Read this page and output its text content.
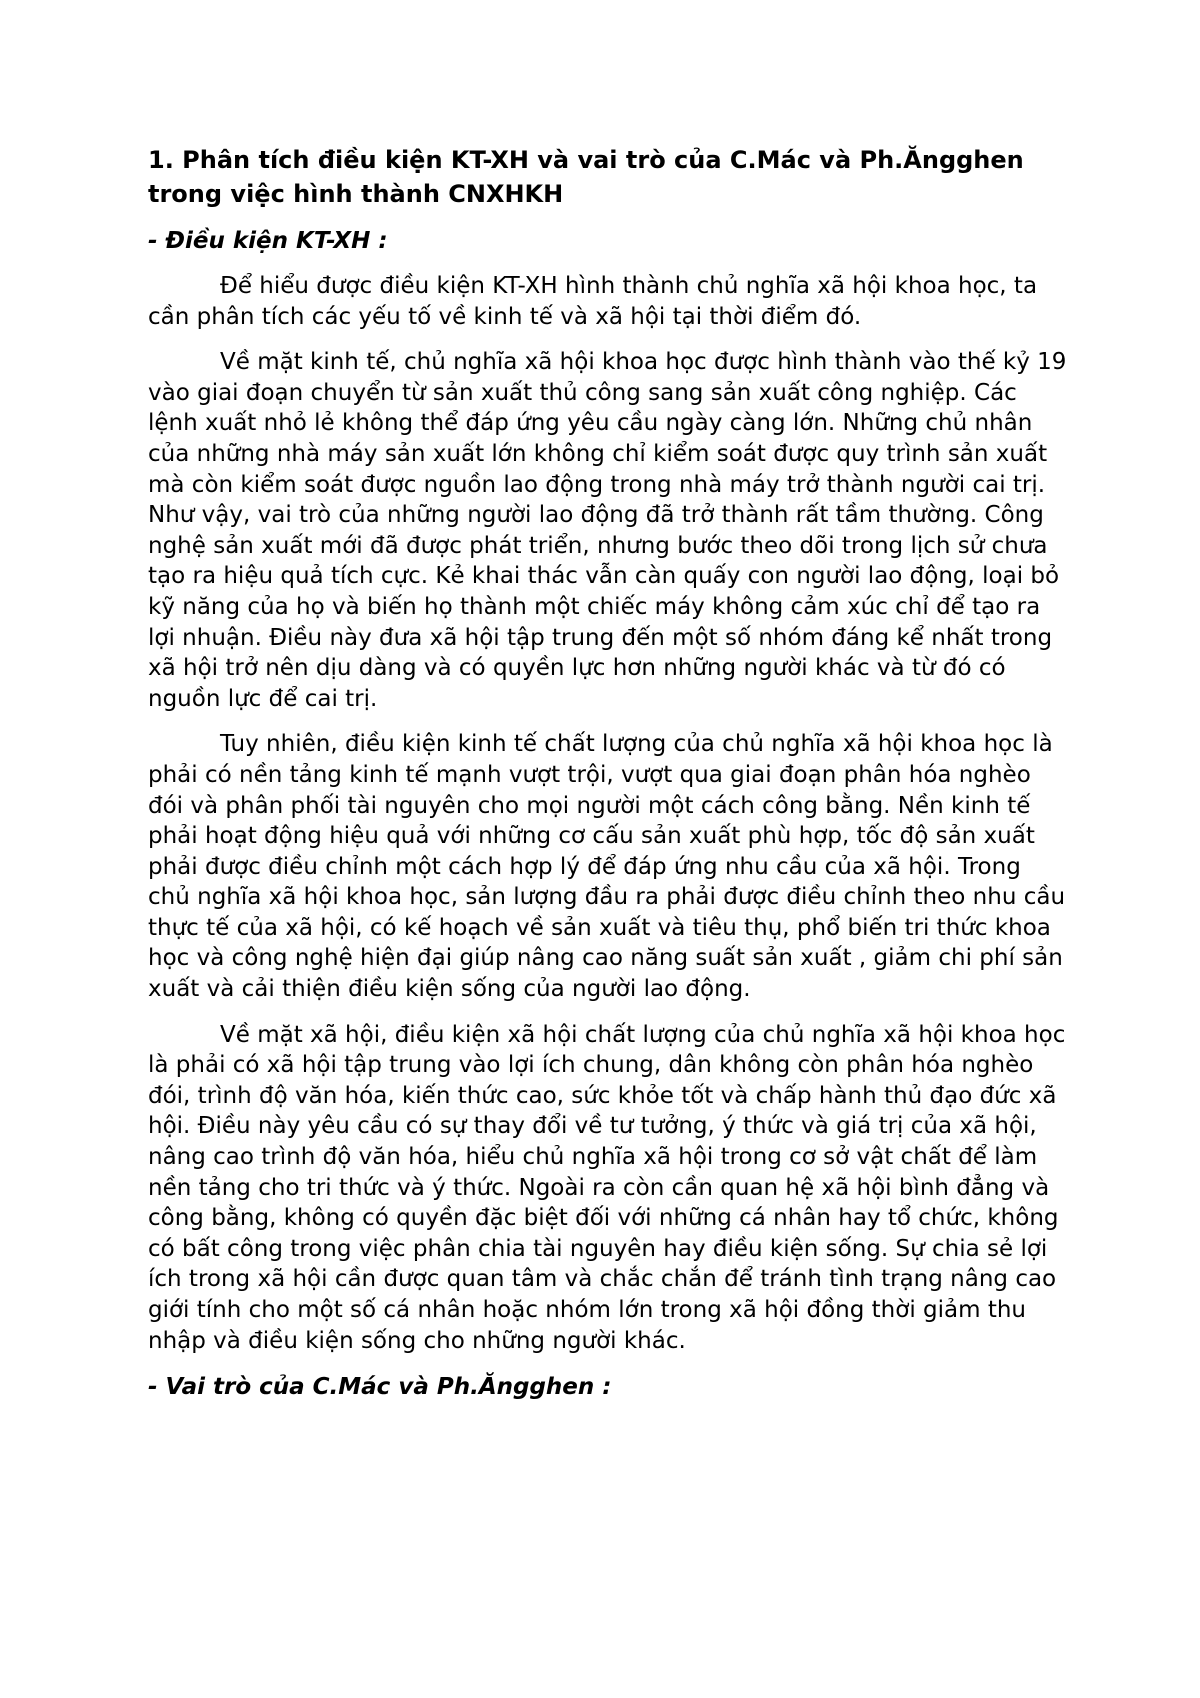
1. Phân tích điều kiện KT-XH và vai trò của C.Mác và Ph.Ăngghen trong việc hình thành CNXHKH
- Điều kiện KT-XH :

Để hiểu được điều kiện KT-XH hình thành chủ nghĩa xã hội khoa học, ta cần phân tích các yếu tố về kinh tế và xã hội tại thời điểm đó.

Về mặt kinh tế, chủ nghĩa xã hội khoa học được hình thành vào thế kỷ 19 vào giai đoạn chuyển từ sản xuất thủ công sang sản xuất công nghiệp. Các lệnh xuất nhỏ lẻ không thể đáp ứng yêu cầu ngày càng lớn. Những chủ nhân của những nhà máy sản xuất lớn không chỉ kiểm soát được quy trình sản xuất mà còn kiểm soát được nguồn lao động trong nhà máy trở thành người cai trị. Như vậy, vai trò của những người lao động đã trở thành rất tầm thường. Công nghệ sản xuất mới đã được phát triển, nhưng bước theo dõi trong lịch sử chưa tạo ra hiệu quả tích cực. Kẻ khai thác vẫn càn quấy con người lao động, loại bỏ kỹ năng của họ và biến họ thành một chiếc máy không cảm xúc chỉ để tạo ra lợi nhuận. Điều này đưa xã hội tập trung đến một số nhóm đáng kể nhất trong xã hội trở nên dịu dàng và có quyền lực hơn những người khác và từ đó có nguồn lực để cai trị.

Tuy nhiên, điều kiện kinh tế chất lượng của chủ nghĩa xã hội khoa học là phải có nền tảng kinh tế mạnh vượt trội, vượt qua giai đoạn phân hóa nghèo đói và phân phối tài nguyên cho mọi người một cách công bằng. Nền kinh tế phải hoạt động hiệu quả với những cơ cấu sản xuất phù hợp, tốc độ sản xuất phải được điều chỉnh một cách hợp lý để đáp ứng nhu cầu của xã hội. Trong chủ nghĩa xã hội khoa học, sản lượng đầu ra phải được điều chỉnh theo nhu cầu thực tế của xã hội, có kế hoạch về sản xuất và tiêu thụ, phổ biến tri thức khoa học và công nghệ hiện đại giúp nâng cao năng suất sản xuất , giảm chi phí sản xuất và cải thiện điều kiện sống của người lao động.

Về mặt xã hội, điều kiện xã hội chất lượng của chủ nghĩa xã hội khoa học là phải có xã hội tập trung vào lợi ích chung, dân không còn phân hóa nghèo đói, trình độ văn hóa, kiến thức cao, sức khỏe tốt và chấp hành thủ đạo đức xã hội. Điều này yêu cầu có sự thay đổi về tư tưởng, ý thức và giá trị của xã hội, nâng cao trình độ văn hóa, hiểu chủ nghĩa xã hội trong cơ sở vật chất để làm nền tảng cho tri thức và ý thức. Ngoài ra còn cần quan hệ xã hội bình đẳng và công bằng, không có quyền đặc biệt đối với những cá nhân hay tổ chức, không có bất công trong việc phân chia tài nguyên hay điều kiện sống. Sự chia sẻ lợi ích trong xã hội cần được quan tâm và chắc chắn để tránh tình trạng nâng cao giới tính cho một số cá nhân hoặc nhóm lớn trong xã hội đồng thời giảm thu nhập và điều kiện sống cho những người khác.

- Vai trò của C.Mác và Ph.Ăngghen :
